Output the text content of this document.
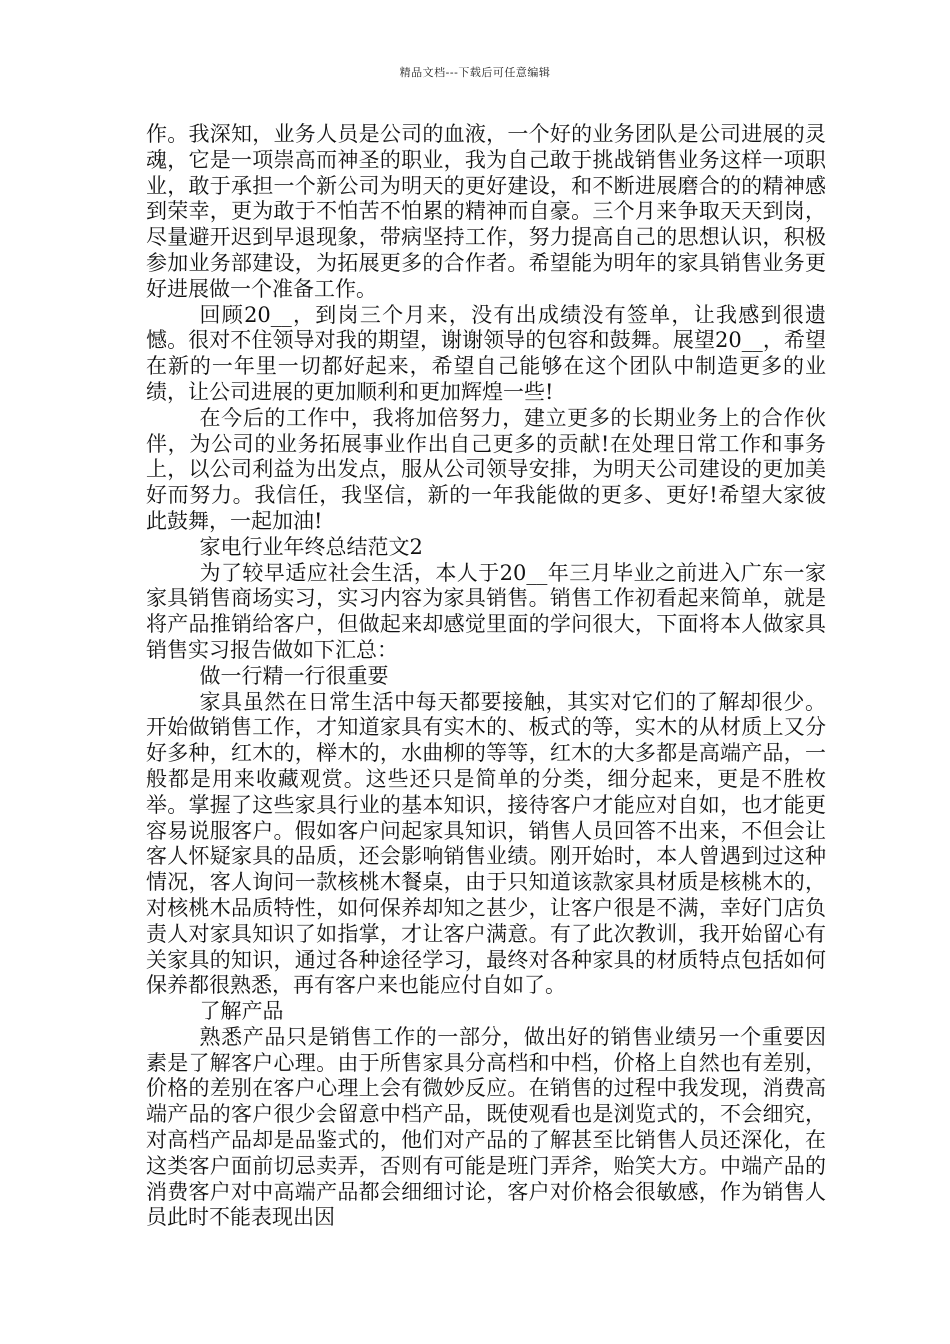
精品文档---下载后可任意编辑

作。我深知，业务人员是公司的血液，一个好的业务团队是公司进展的灵魂，它是一项崇高而神圣的职业，我为自己敢于挑战销售业务这样一项职业，敢于承担一个新公司为明天的更好建设，和不断进展磨合的的精神感到荣幸，更为敢于不怕苦不怕累的精神而自豪。三个月来争取天天到岗，尽量避开迟到早退现象，带病坚持工作，努力提高自己的思想认识，积极参加业务部建设，为拓展更多的合作者。希望能为明年的家具销售业务更好进展做一个准备工作。

回顾20__，到岗三个月来，没有出成绩没有签单，让我感到很遗憾。很对不住领导对我的期望，谢谢领导的包容和鼓舞。展望20__，希望在新的一年里一切都好起来，希望自己能够在这个团队中制造更多的业绩，让公司进展的更加顺利和更加辉煌一些!

在今后的工作中，我将加倍努力，建立更多的长期业务上的合作伙伴，为公司的业务拓展事业作出自己更多的贡献!在处理日常工作和事务上，以公司利益为出发点，服从公司领导安排，为明天公司建设的更加美好而努力。我信任，我坚信，新的一年我能做的更多、更好!希望大家彼此鼓舞，一起加油!

家电行业年终总结范文2

为了较早适应社会生活，本人于20__年三月毕业之前进入广东一家家具销售商场实习，实习内容为家具销售。销售工作初看起来简单，就是将产品推销给客户，但做起来却感觉里面的学问很大，下面将本人做家具销售实习报告做如下汇总：

做一行精一行很重要

家具虽然在日常生活中每天都要接触，其实对它们的了解却很少。开始做销售工作，才知道家具有实木的、板式的等，实木的从材质上又分好多种，红木的，榉木的，水曲柳的等等，红木的大多都是高端产品，一般都是用来收藏观赏。这些还只是简单的分类，细分起来，更是不胜枚举。掌握了这些家具行业的基本知识，接待客户才能应对自如，也才能更容易说服客户。假如客户问起家具知识，销售人员回答不出来，不但会让客人怀疑家具的品质，还会影响销售业绩。刚开始时，本人曾遇到过这种情况，客人询问一款核桃木餐桌，由于只知道该款家具材质是核桃木的，对核桃木品质特性，如何保养却知之甚少，让客户很是不满，幸好门店负责人对家具知识了如指掌，才让客户满意。有了此次教训，我开始留心有关家具的知识，通过各种途径学习，最终对各种家具的材质特点包括如何保养都很熟悉，再有客户来也能应付自如了。

了解产品

熟悉产品只是销售工作的一部分，做出好的销售业绩另一个重要因素是了解客户心理。由于所售家具分高档和中档，价格上自然也有差别，价格的差别在客户心理上会有微妙反应。在销售的过程中我发现，消费高端产品的客户很少会留意中档产品，既使观看也是浏览式的，不会细究，对高档产品却是品鉴式的，他们对产品的了解甚至比销售人员还深化，在这类客户面前切忌卖弄，否则有可能是班门弄斧，贻笑大方。中端产品的消费客户对中高端产品都会细细讨论，客户对价格会很敏感，作为销售人员此时不能表现出因
